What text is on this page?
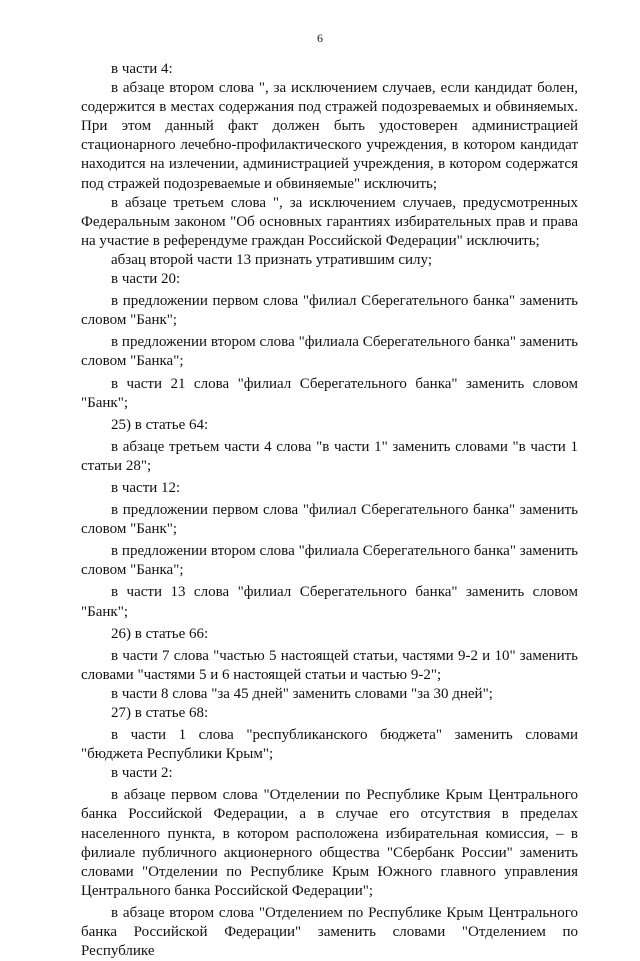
6

в части 4:

в абзаце втором слова ", за исключением случаев, если кандидат болен, содержится в местах содержания под стражей подозреваемых и обвиняемых. При этом данный факт должен быть удостоверен администрацией стационарного лечебно-профилактического учреждения, в котором кандидат находится на излечении, администрацией учреждения, в котором содержатся под стражей подозреваемые и обвиняемые" исключить;

в абзаце третьем слова ", за исключением случаев, предусмотренных Федеральным законом "Об основных гарантиях избирательных прав и права на участие в референдуме граждан Российской Федерации" исключить;

абзац второй части 13 признать утратившим силу;

в части 20:

в предложении первом слова "филиал Сберегательного банка" заменить словом "Банк";

в предложении втором слова "филиала Сберегательного банка" заменить словом "Банка";

в части 21 слова "филиал Сберегательного банка" заменить словом "Банк";

25) в статье 64:

в абзаце третьем части 4 слова "в части 1" заменить словами "в части 1 статьи 28";

в части 12:

в предложении первом слова "филиал Сберегательного банка" заменить словом "Банк";

в предложении втором слова "филиала Сберегательного банка" заменить словом "Банка";

в части 13 слова "филиал Сберегательного банка" заменить словом "Банк";

26) в статье 66:

в части 7 слова "частью 5 настоящей статьи, частями 9-2 и 10" заменить словами "частями 5 и 6 настоящей статьи и частью 9-2";

в части 8 слова "за 45 дней" заменить словами "за 30 дней";

27) в статье 68:

в части 1 слова "республиканского бюджета" заменить словами "бюджета Республики Крым";

в части 2:

в абзаце первом слова "Отделении по Республике Крым Центрального банка Российской Федерации, а в случае его отсутствия в пределах населенного пункта, в котором расположена избирательная комиссия, – в филиале публичного акционерного общества "Сбербанк России" заменить словами "Отделении по Республике Крым Южного главного управления Центрального банка Российской Федерации";

в абзаце втором слова "Отделением по Республике Крым Центрального банка Российской Федерации" заменить словами "Отделением по Республике
